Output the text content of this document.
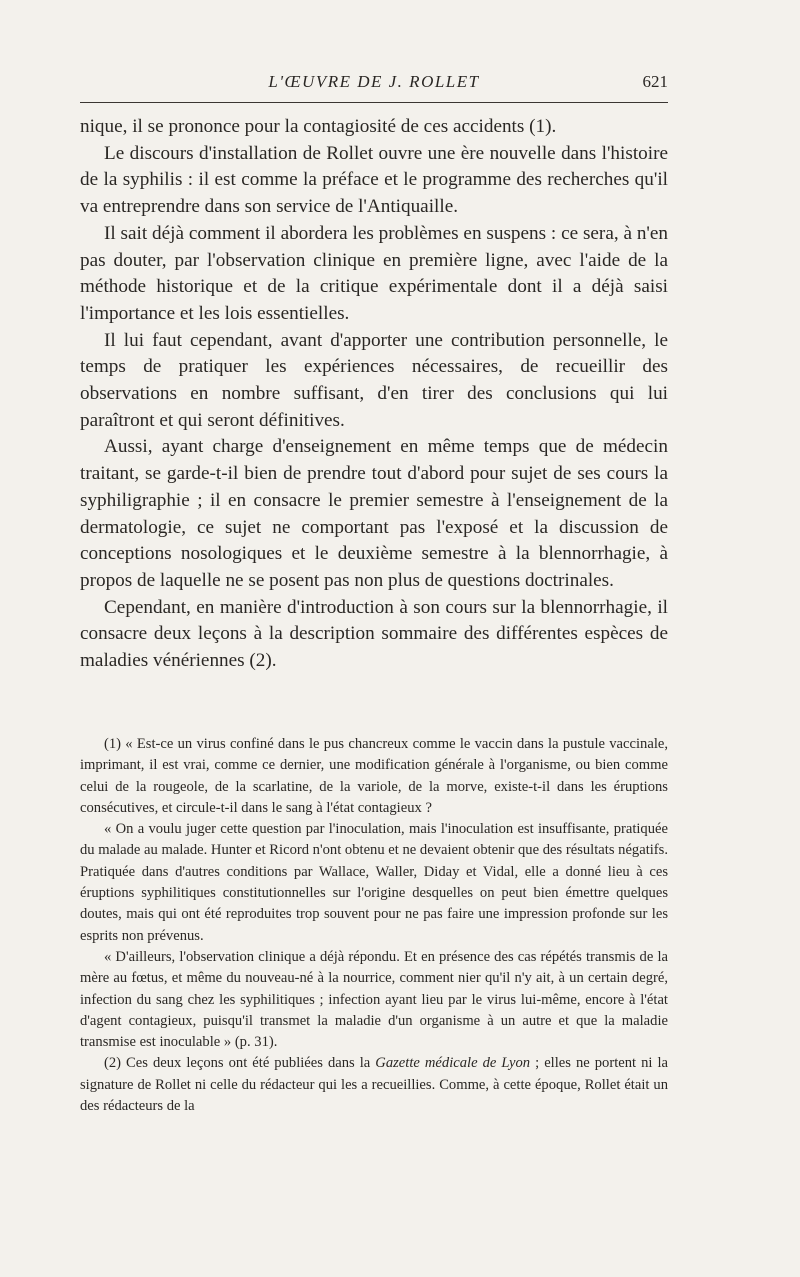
L'ŒUVRE DE J. ROLLET	621

nique, il se prononce pour la contagiosité de ces accidents (1).

Le discours d'installation de Rollet ouvre une ère nouvelle dans l'histoire de la syphilis : il est comme la préface et le programme des recherches qu'il va entreprendre dans son service de l'Antiquaille.

Il sait déjà comment il abordera les problèmes en suspens : ce sera, à n'en pas douter, par l'observation clinique en première ligne, avec l'aide de la méthode historique et de la critique expérimentale dont il a déjà saisi l'importance et les lois essentielles.

Il lui faut cependant, avant d'apporter une contribution personnelle, le temps de pratiquer les expériences nécessaires, de recueillir des observations en nombre suffisant, d'en tirer des conclusions qui lui paraîtront et qui seront définitives.

Aussi, ayant charge d'enseignement en même temps que de médecin traitant, se garde-t-il bien de prendre tout d'abord pour sujet de ses cours la syphiligraphie ; il en consacre le premier semestre à l'enseignement de la dermatologie, ce sujet ne comportant pas l'exposé et la discussion de conceptions nosologiques et le deuxième semestre à la blennorrhagie, à propos de laquelle ne se posent pas non plus de questions doctrinales.

Cependant, en manière d'introduction à son cours sur la blennorrhagie, il consacre deux leçons à la description sommaire des différentes espèces de maladies vénériennes (2).

(1) « Est-ce un virus confiné dans le pus chancreux comme le vaccin dans la pustule vaccinale, imprimant, il est vrai, comme ce dernier, une modification générale à l'organisme, ou bien comme celui de la rougeole, de la scarlatine, de la variole, de la morve, existe-t-il dans les éruptions consécutives, et circule-t-il dans le sang à l'état contagieux ?

« On a voulu juger cette question par l'inoculation, mais l'inoculation est insuffisante, pratiquée du malade au malade. Hunter et Ricord n'ont obtenu et ne devaient obtenir que des résultats négatifs. Pratiquée dans d'autres conditions par Wallace, Waller, Diday et Vidal, elle a donné lieu à ces éruptions syphilitiques constitutionnelles sur l'origine desquelles on peut bien émettre quelques doutes, mais qui ont été reproduites trop souvent pour ne pas faire une impression profonde sur les esprits non prévenus.

« D'ailleurs, l'observation clinique a déjà répondu. Et en présence des cas répétés transmis de la mère au fœtus, et même du nouveau-né à la nourrice, comment nier qu'il n'y ait, à un certain degré, infection du sang chez les syphilitiques ; infection ayant lieu par le virus lui-même, encore à l'état d'agent contagieux, puisqu'il transmet la maladie d'un organisme à un autre et que la maladie transmise est inoculable » (p. 31).

(2) Ces deux leçons ont été publiées dans la Gazette médicale de Lyon ; elles ne portent ni la signature de Rollet ni celle du rédacteur qui les a recueillies. Comme, à cette époque, Rollet était un des rédacteurs de la
